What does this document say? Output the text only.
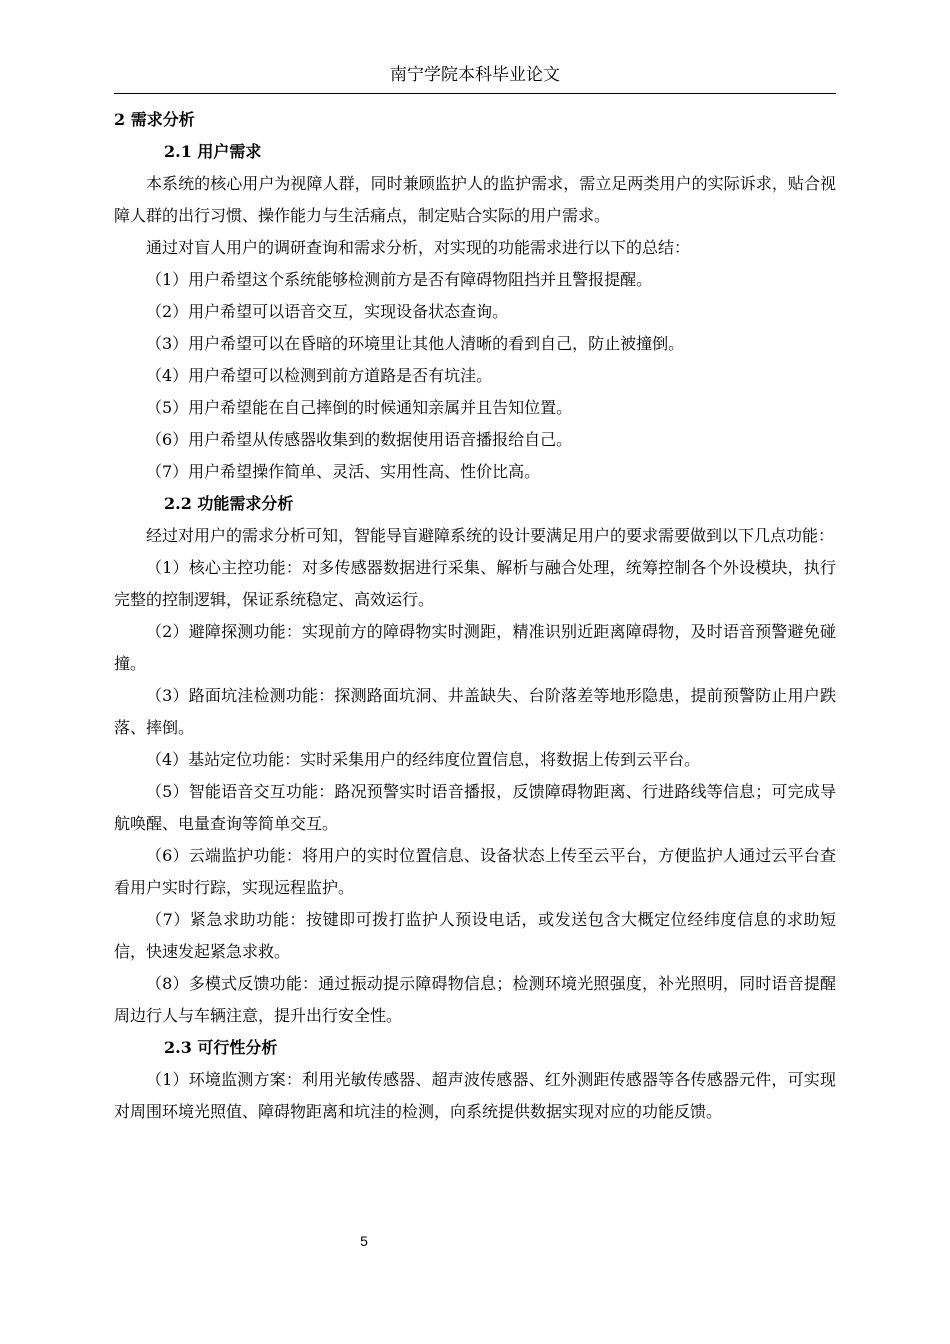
南宁学院本科毕业论文
2 需求分析
2.1 用户需求

本系统的核心用户为视障人群，同时兼顾监护人的监护需求，需立足两类用户的实际诉求，贴合视障人群的出行习惯、操作能力与生活痛点，制定贴合实际的用户需求。

通过对盲人用户的调研查询和需求分析，对实现的功能需求进行以下的总结：

（1）用户希望这个系统能够检测前方是否有障碍物阻挡并且警报提醒。

（2）用户希望可以语音交互，实现设备状态查询。

（3）用户希望可以在昏暗的环境里让其他人清晰的看到自己，防止被撞倒。

（4）用户希望可以检测到前方道路是否有坑洼。

（5）用户希望能在自己摔倒的时候通知亲属并且告知位置。

（6）用户希望从传感器收集到的数据使用语音播报给自己。

（7）用户希望操作简单、灵活、实用性高、性价比高。

2.2 功能需求分析

经过对用户的需求分析可知，智能导盲避障系统的设计要满足用户的要求需要做到以下几点功能：

（1）核心主控功能：对多传感器数据进行采集、解析与融合处理，统筹控制各个外设模块，执行完整的控制逻辑，保证系统稳定、高效运行。

（2）避障探测功能：实现前方的障碍物实时测距，精准识别近距离障碍物，及时语音预警避免碰撞。

（3）路面坑洼检测功能：探测路面坑洞、井盖缺失、台阶落差等地形隐患，提前预警防止用户跌落、摔倒。

（4）基站定位功能：实时采集用户的经纬度位置信息，将数据上传到云平台。

（5）智能语音交互功能：路况预警实时语音播报，反馈障碍物距离、行进路线等信息；可完成导航唤醒、电量查询等简单交互。

（6）云端监护功能：将用户的实时位置信息、设备状态上传至云平台，方便监护人通过云平台查看用户实时行踪，实现远程监护。

（7）紧急求助功能：按键即可拨打监护人预设电话，或发送包含大概定位经纬度信息的求助短信，快速发起紧急求救。

（8）多模式反馈功能：通过振动提示障碍物信息；检测环境光照强度，补光照明，同时语音提醒周边行人与车辆注意，提升出行安全性。

2.3 可行性分析

（1）环境监测方案：利用光敏传感器、超声波传感器、红外测距传感器等各传感器元件，可实现对周围环境光照值、障碍物距离和坑洼的检测，向系统提供数据实现对应的功能反馈。

5
